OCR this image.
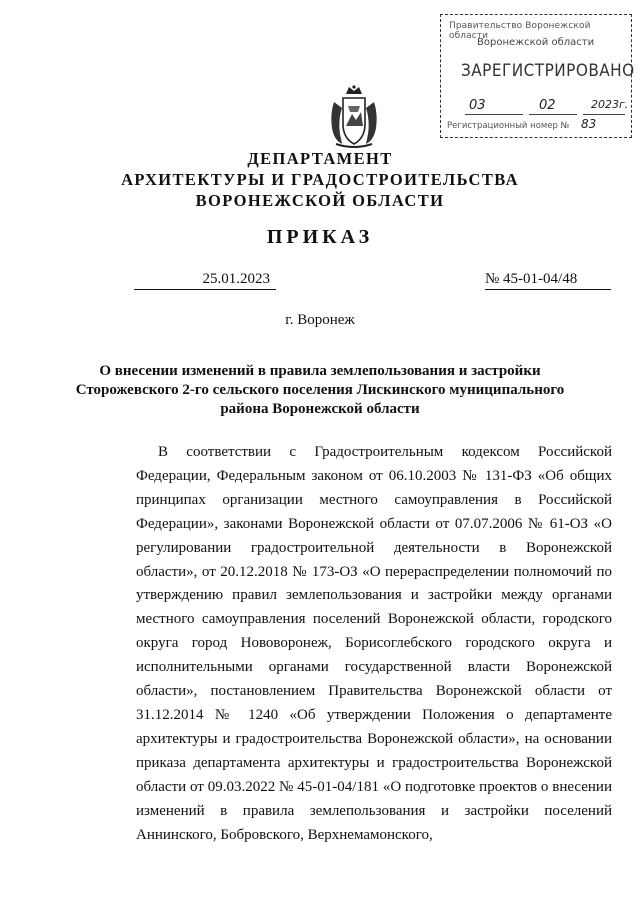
Правительство Воронежской области
Воронежской области
ЗАРЕГИСТРИРОВАНО
03	02	2023г.
Регистрационный номер № 83
ДЕПАРТАМЕНТ
АРХИТЕКТУРЫ И ГРАДОСТРОИТЕЛЬСТВА
ВОРОНЕЖСКОЙ ОБЛАСТИ
ПРИКАЗ
25.01.2023	№ 45-01-04/48
г. Воронеж
О внесении изменений в правила землепользования и застройки
Сторожевского 2-го сельского поселения Лискинского муниципального
района Воронежской области
В соответствии с Градостроительным кодексом Российской Федерации, Федеральным законом от 06.10.2003 № 131-ФЗ «Об общих принципах организации местного самоуправления в Российской Федерации», законами Воронежской области от 07.07.2006 № 61-ОЗ «О регулировании градостроительной деятельности в Воронежской области», от 20.12.2018 № 173-ОЗ «О перераспределении полномочий по утверждению правил землепользования и застройки между органами местного самоуправления поселений Воронежской области, городского округа город Нововоронеж, Борисоглебского городского округа и исполнительными органами государственной власти Воронежской области», постановлением Правительства Воронежской области от 31.12.2014 № 1240 «Об утверждении Положения о департаменте архитектуры и градостроительства Воронежской области», на основании приказа департамента архитектуры и градостроительства Воронежской области от 09.03.2022 № 45-01-04/181 «О подготовке проектов о внесении изменений в правила землепользования и застройки поселений Аннинского, Бобровского, Верхнемамонского,
